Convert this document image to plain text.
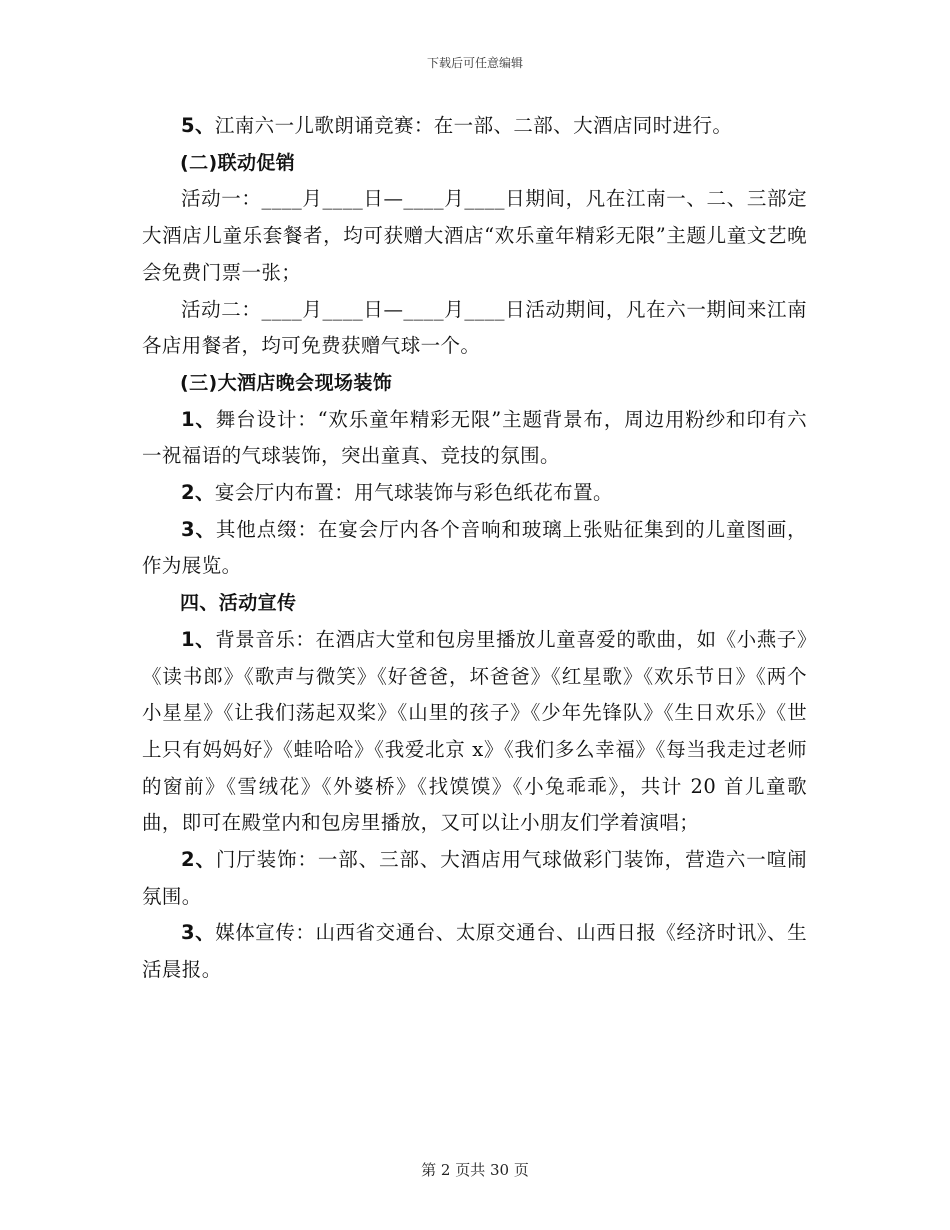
下载后可任意编辑

5、江南六一儿歌朗诵竞赛：在一部、二部、大酒店同时进行。

(二)联动促销

活动一：____月____日—____月____日期间，凡在江南一、二、三部定大酒店儿童乐套餐者，均可获赠大酒店“欢乐童年精彩无限”主题儿童文艺晚会免费门票一张；

活动二：____月____日—____月____日活动期间，凡在六一期间来江南各店用餐者，均可免费获赠气球一个。

(三)大酒店晚会现场装饰

1、舞台设计：“欢乐童年精彩无限”主题背景布，周边用粉纱和印有六一祝福语的气球装饰，突出童真、竞技的氛围。

2、宴会厅内布置：用气球装饰与彩色纸花布置。

3、其他点缀：在宴会厅内各个音响和玻璃上张贴征集到的儿童图画，作为展览。

四、活动宣传

1、背景音乐：在酒店大堂和包房里播放儿童喜爱的歌曲，如《小燕子》《读书郎》《歌声与微笑》《好爸爸，坏爸爸》《红星歌》《欢乐节日》《两个小星星》《让我们荡起双桨》《山里的孩子》《少年先锋队》《生日欢乐》《世上只有妈妈好》《蛙哈哈》《我爱北京 x》《我们多么幸福》《每当我走过老师的窗前》《雪绒花》《外婆桥》《找馍馍》《小兔乖乖》，共计 20 首儿童歌曲，即可在殿堂内和包房里播放，又可以让小朋友们学着演唱；

2、门厅装饰：一部、三部、大酒店用气球做彩门装饰，营造六一喧闹氛围。

3、媒体宣传：山西省交通台、太原交通台、山西日报《经济时讯》、生活晨报。

第 2 页共 30 页
